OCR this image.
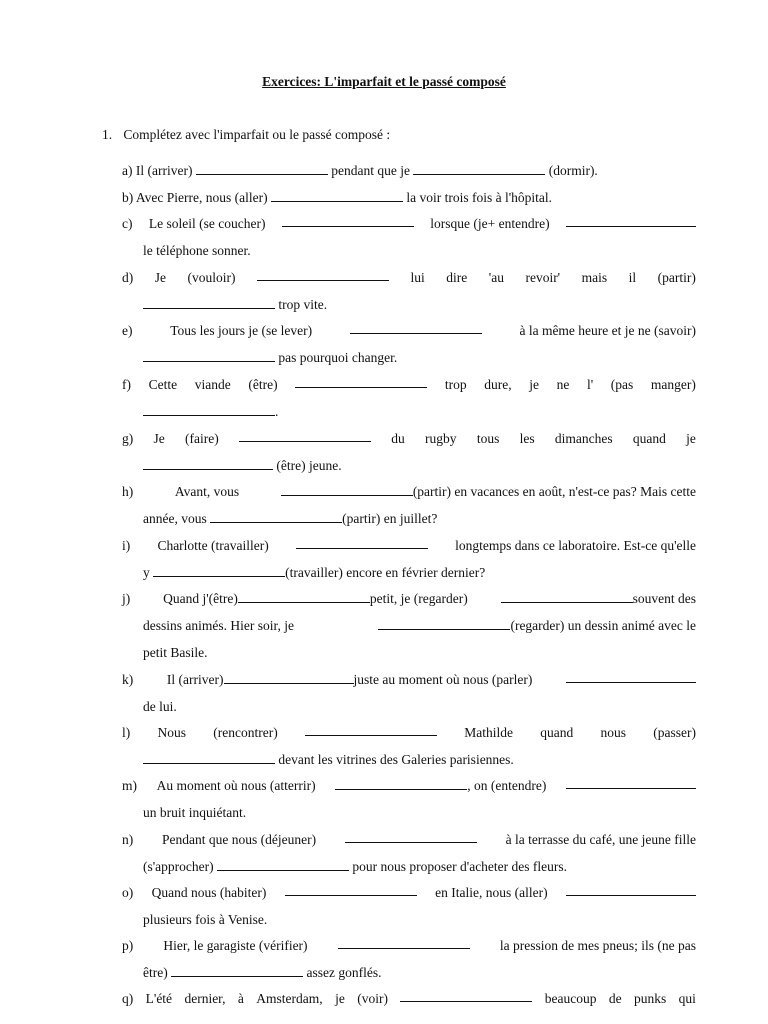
Exercices: L'imparfait et le passé composé
1. Complétez avec l'imparfait ou le passé composé :
a) Il (arriver)	pendant que je	(dormir).
b) Avec Pierre, nous (aller)	la voir trois fois à l'hôpital.
c) Le soleil (se coucher)	lorsque (je+ entendre)
le téléphone sonner.
d) Je (vouloir)	lui dire 'au revoir' mais il (partir)
trop vite.
e)	Tous les jours je (se lever)	à la même heure et je ne (savoir)
pas pourquoi changer.
f) Cette viande (être)	trop dure, je ne l' (pas manger)
.
g) Je (faire)	du rugby tous les dimanches quand je
(être) jeune.
h)	Avant, vous	(partir) en vacances en août, n'est-ce pas? Mais cette
année, vous	(partir) en juillet?
i) Charlotte (travailler)	longtemps dans ce laboratoire. Est-ce qu'elle
y	(travailler) encore en février dernier?
j) Quand j'(être)	petit, je (regarder)	souvent des
dessins animés. Hier soir, je	(regarder) un dessin animé avec le
petit Basile.
k) Il (arriver)	juste au moment où nous (parler)
de lui.
l) Nous (rencontrer)	Mathilde quand nous (passer)
devant les vitrines des Galeries parisiennes.
m) Au moment où nous (atterrir)	, on (entendre)
un bruit inquiétant.
n) Pendant que nous (déjeuner)	à la terrasse du café, une jeune fille
(s'approcher)	pour nous proposer d'acheter des fleurs.
o) Quand nous (habiter)	en Italie, nous (aller)
plusieurs fois à Venise.
p) Hier, le garagiste (vérifier)	la pression de mes pneus; ils (ne pas
être)	assez gonflés.
q) L'été dernier, à Amsterdam, je (voir)	beaucoup de punks qui
